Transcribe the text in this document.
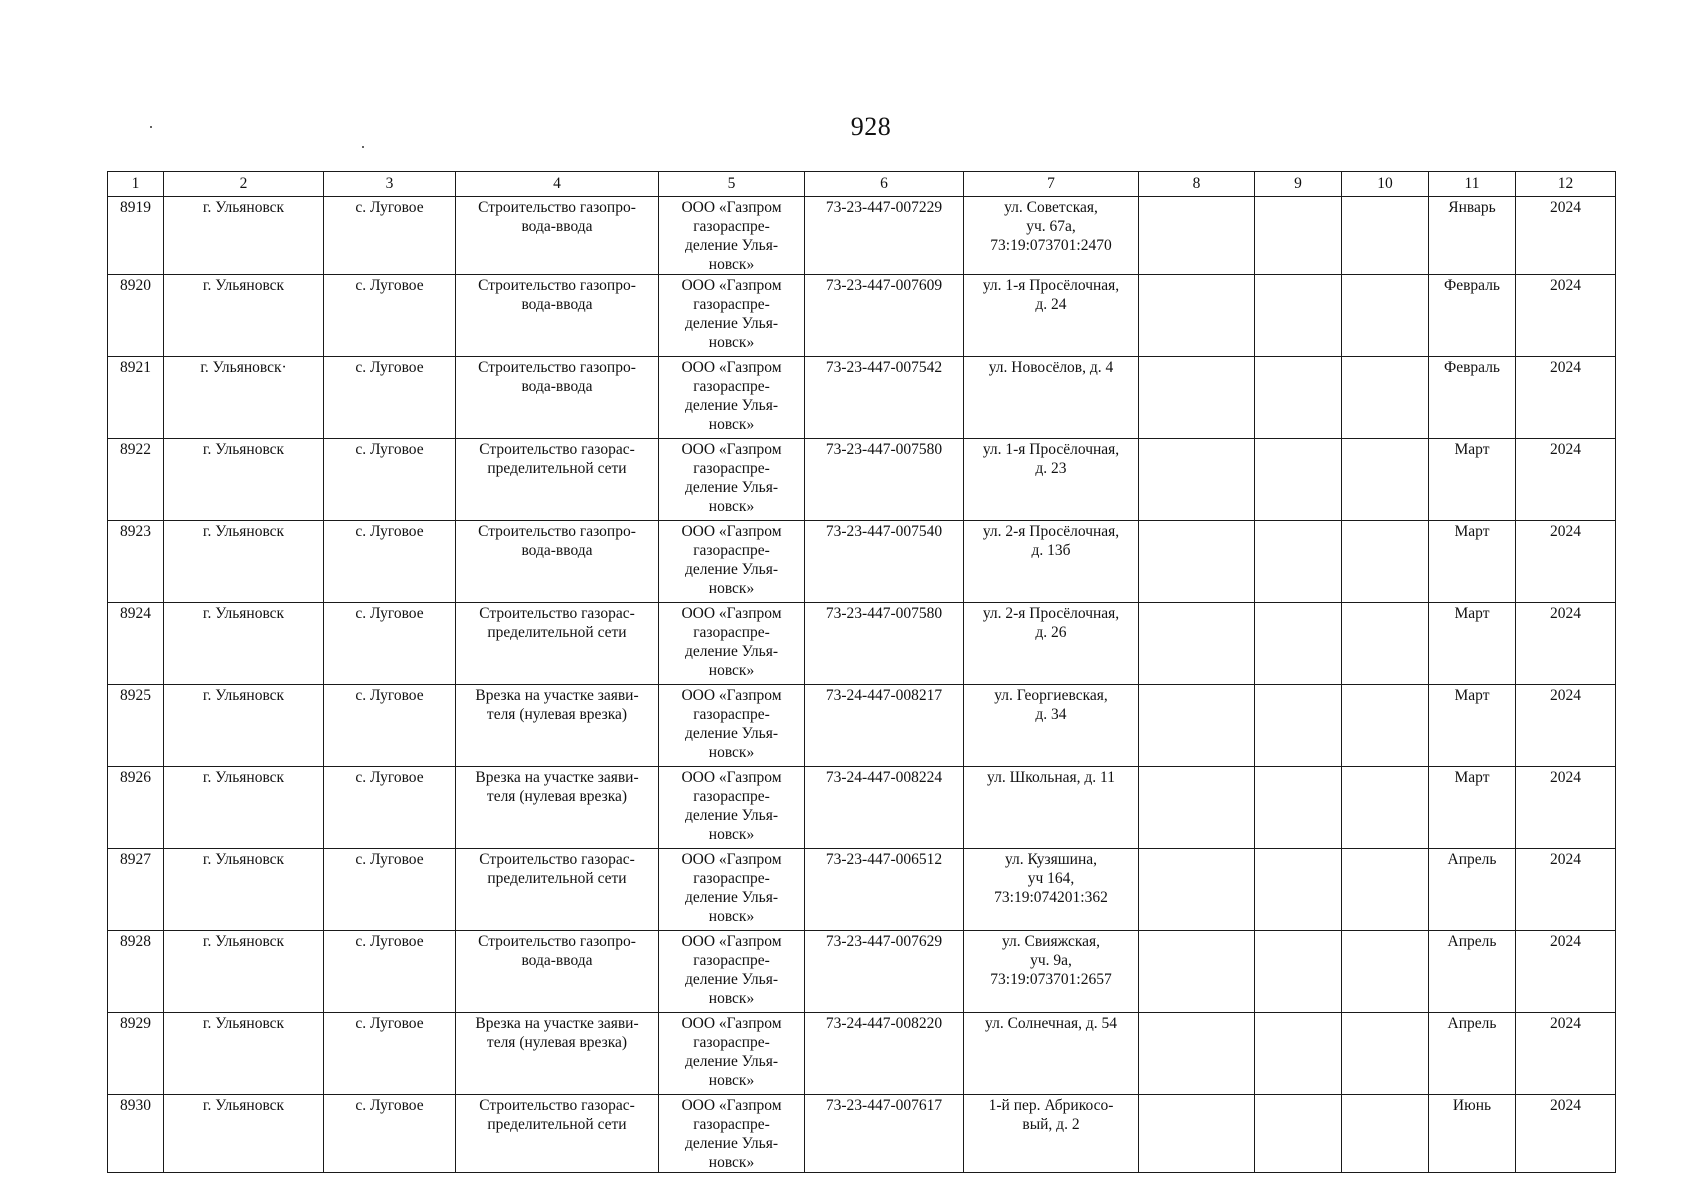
928
1	2	3	4	5	6	7	8	9	10	11	12
8919	г. Ульяновск	с. Луговое	Строительство газопро-
вода-ввода	ООО «Газпром
газораспре-
деление Улья-
новск»	73-23-447-007229	ул. Советская,
уч. 67а,
73:19:073701:2470				Январь	2024
8920	г. Ульяновск	с. Луговое	Строительство газопро-
вода-ввода	ООО «Газпром
газораспре-
деление Улья-
новск»	73-23-447-007609	ул. 1-я Просёлочная,
д. 24				Февраль	2024
8921	г. Ульяновск·	с. Луговое	Строительство газопро-
вода-ввода	ООО «Газпром
газораспре-
деление Улья-
новск»	73-23-447-007542	ул. Новосёлов, д. 4				Февраль	2024
8922	г. Ульяновск	с. Луговое	Строительство газорас-
пределительной сети	ООО «Газпром
газораспре-
деление Улья-
новск»	73-23-447-007580	ул. 1-я Просёлочная,
д. 23				Март	2024
8923	г. Ульяновск	с. Луговое	Строительство газопро-
вода-ввода	ООО «Газпром
газораспре-
деление Улья-
новск»	73-23-447-007540	ул. 2-я Просёлочная,
д. 13б				Март	2024
8924	г. Ульяновск	с. Луговое	Строительство газорас-
пределительной сети	ООО «Газпром
газораспре-
деление Улья-
новск»	73-23-447-007580	ул. 2-я Просёлочная,
д. 26				Март	2024
8925	г. Ульяновск	с. Луговое	Врезка на участке заяви-
теля (нулевая врезка)	ООО «Газпром
газораспре-
деление Улья-
новск»	73-24-447-008217	ул. Георгиевская,
д. 34				Март	2024
8926	г. Ульяновск	с. Луговое	Врезка на участке заяви-
теля (нулевая врезка)	ООО «Газпром
газораспре-
деление Улья-
новск»	73-24-447-008224	ул. Школьная, д. 11				Март	2024
8927	г. Ульяновск	с. Луговое	Строительство газорас-
пределительной сети	ООО «Газпром
газораспре-
деление Улья-
новск»	73-23-447-006512	ул. Кузяшина,
уч 164,
73:19:074201:362				Апрель	2024
8928	г. Ульяновск	с. Луговое	Строительство газопро-
вода-ввода	ООО «Газпром
газораспре-
деление Улья-
новск»	73-23-447-007629	ул. Свияжская,
уч. 9а,
73:19:073701:2657				Апрель	2024
8929	г. Ульяновск	с. Луговое	Врезка на участке заяви-
теля (нулевая врезка)	ООО «Газпром
газораспре-
деление Улья-
новск»	73-24-447-008220	ул. Солнечная, д. 54				Апрель	2024
8930	г. Ульяновск	с. Луговое	Строительство газорас-
пределительной сети	ООО «Газпром
газораспре-
деление Улья-
новск»	73-23-447-007617	1-й пер. Абрикосо-
вый, д. 2				Июнь	2024
